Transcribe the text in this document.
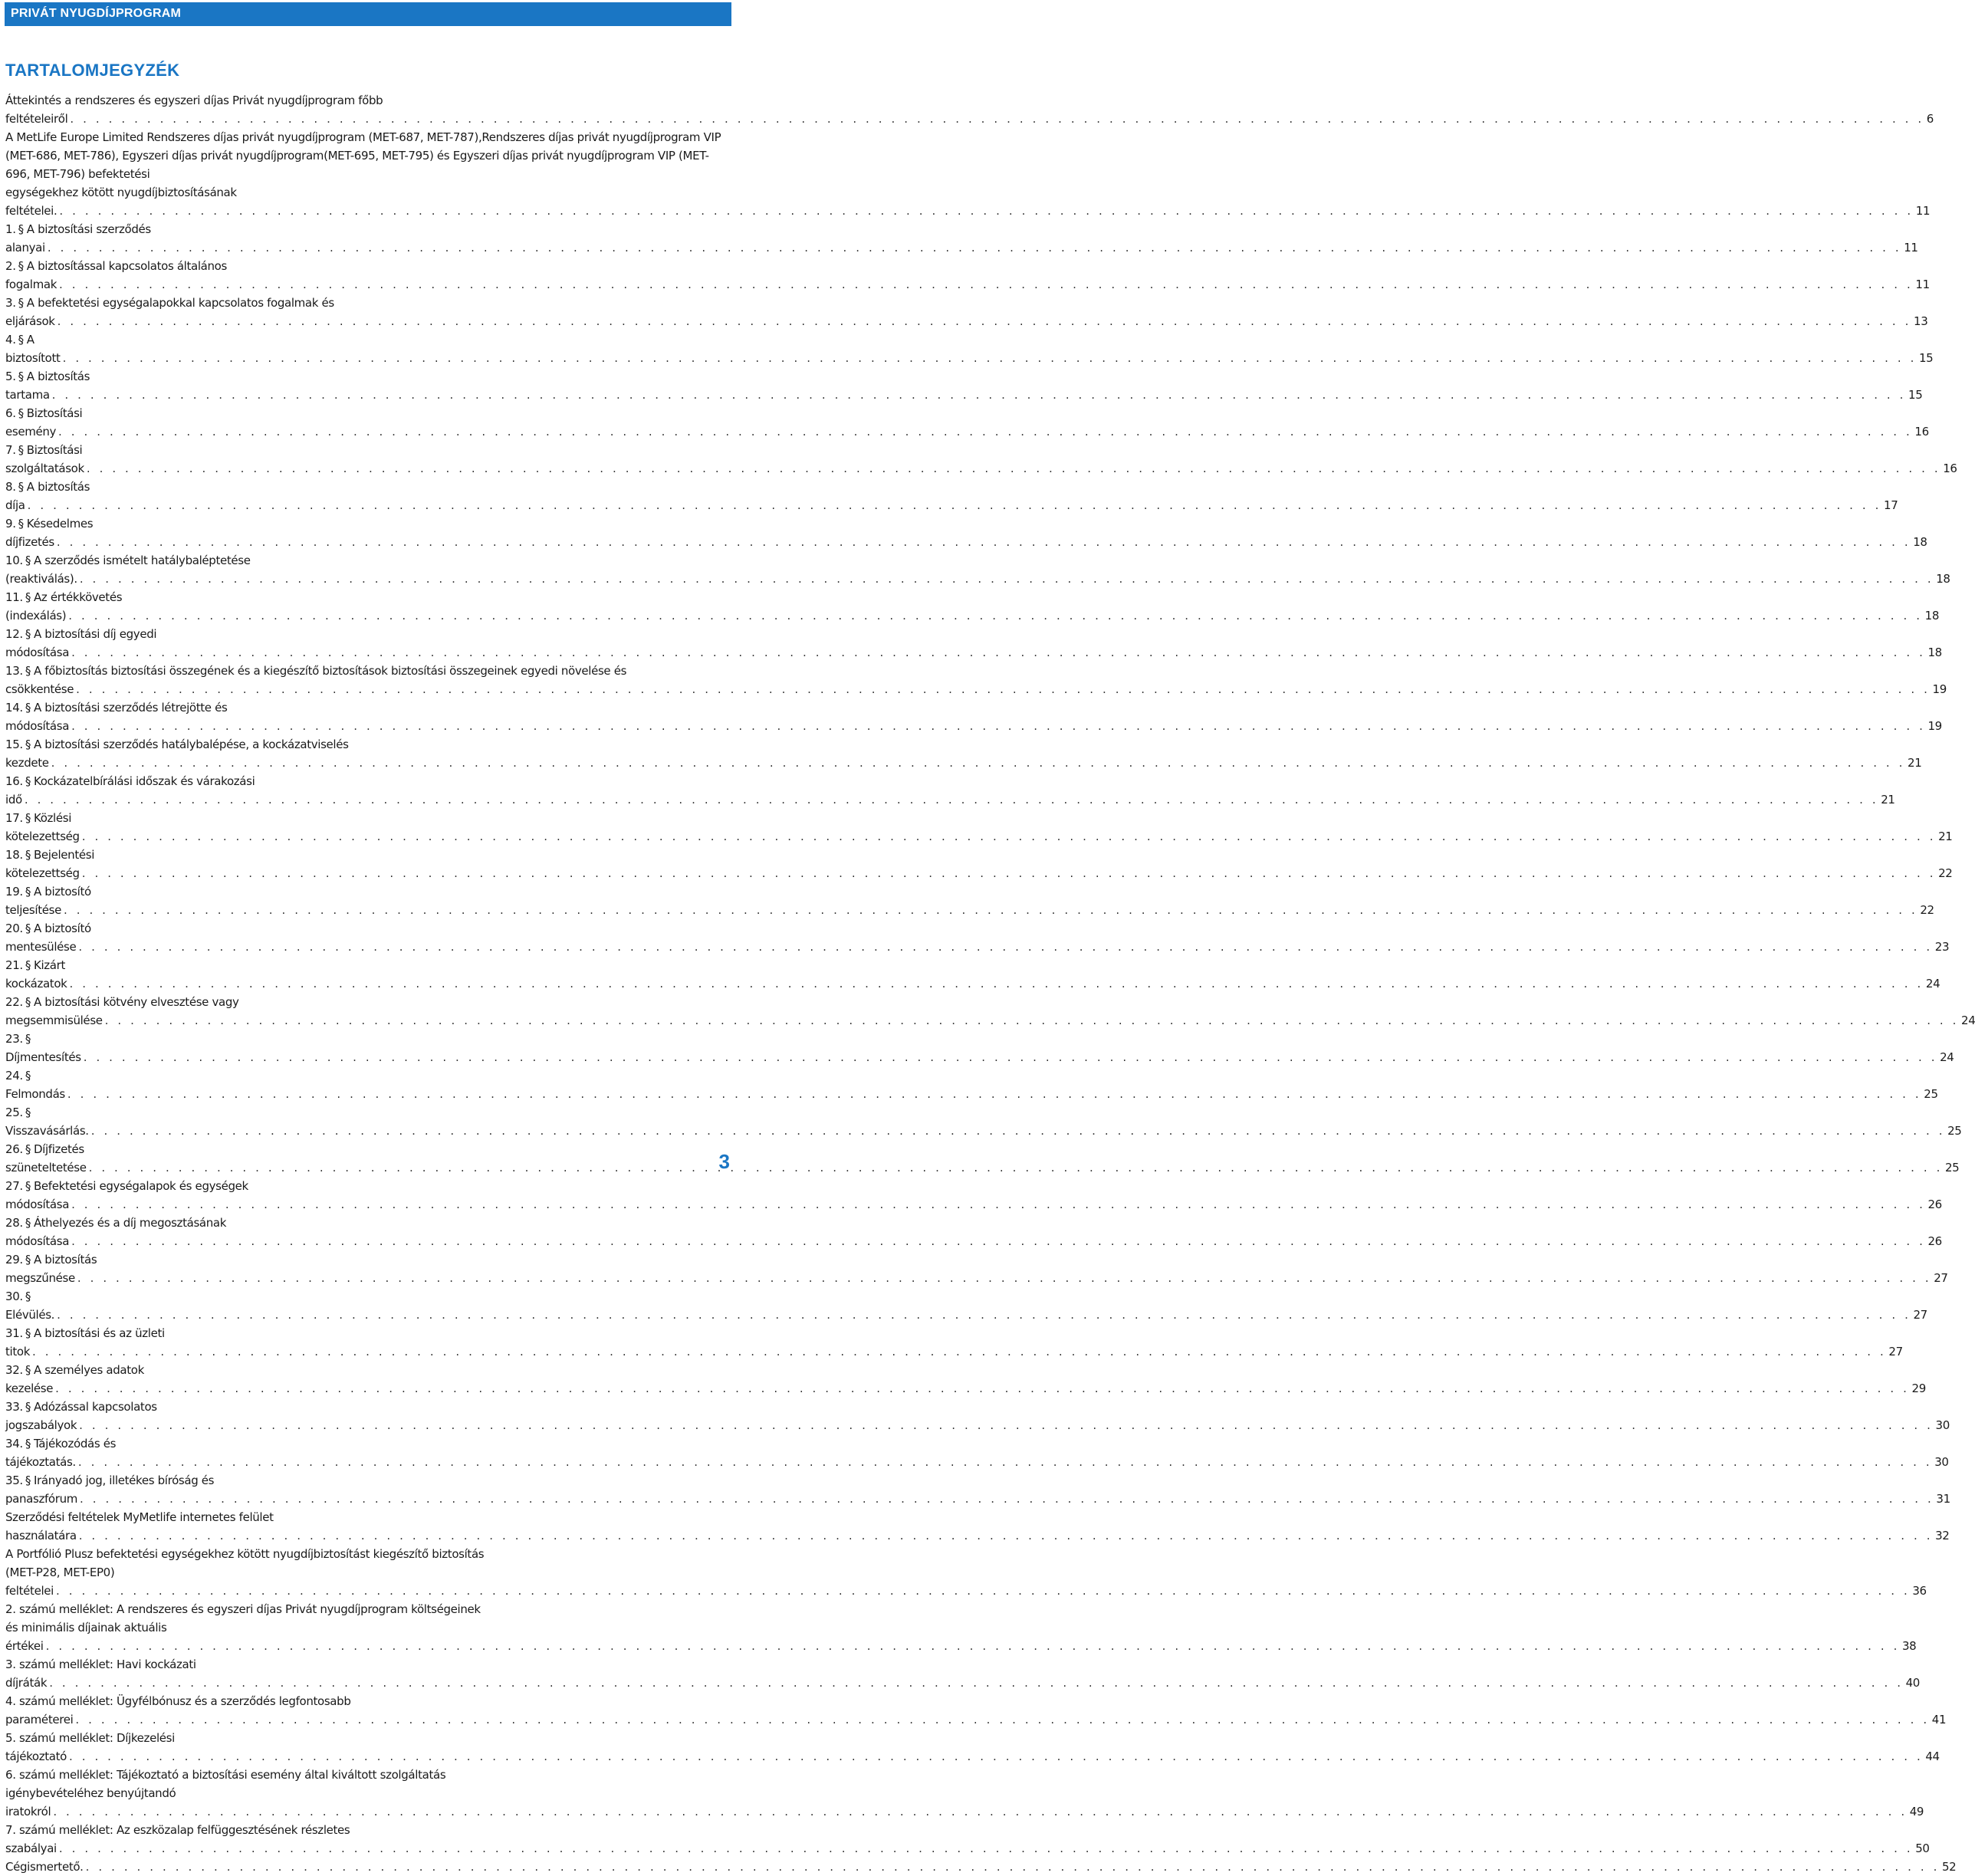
PRIVÁT NYUGDÍJPROGRAM
TARTALOMJEGYZÉK
Áttekintés a rendszeres és egyszeri díjas Privát nyugdíjprogram főbb feltételeiről . . .	6
A MetLife Europe Limited Rendszeres díjas privát nyugdíjprogram (MET-687, MET-787),Rendszeres díjas privát nyugdíjprogram VIP (MET-686, MET-786), Egyszeri díjas privát nyugdíjprogram(MET-695, MET-795) és Egyszeri díjas privát nyugdíjprogram VIP (MET-696, MET-796) befektetési
egységekhez kötött nyugdíjbiztosításának feltételei. . . .	11
1. § A biztosítási szerződés alanyai . . .	11
2. § A biztosítással kapcsolatos általános fogalmak . . .	11
3. § A befektetési egységalapokkal kapcsolatos fogalmak és eljárások . . .	13
4. § A biztosított . . .	15
5. § A biztosítás tartama . . .	15
6. § Biztosítási esemény . . .	16
7. § Biztosítási szolgáltatások . . .	16
8. § A biztosítás díja . . .	17
9. § Késedelmes díjfizetés . . .	18
10. § A szerződés ismételt hatálybaléptetése (reaktiválás). . . .	18
11. § Az értékkövetés (indexálás) . . .	18
12. § A biztosítási díj egyedi módosítása . . .	18
13. § A főbiztosítás biztosítási összegének és a kiegészítő biztosítások biztosítási összegeinek egyedi növelése és
csökkentése . . .	19
14. § A biztosítási szerződés létrejötte és módosítása . . .	19
15. § A biztosítási szerződés hatálybalépése, a kockázatviselés kezdete . . .	21
16. § Kockázatelbírálási időszak és várakozási idő . . .	21
17. § Közlési kötelezettség . . .	21
18. § Bejelentési kötelezettség . . .	22
19. § A biztosító teljesítése . . .	22
20. § A biztosító mentesülése . . .	23
21. § Kizárt kockázatok . . .	24
22. § A biztosítási kötvény elvesztése vagy megsemmisülése . . .	24
23. §Díjmentesítés . . .	24
24. §Felmondás . . .	25
25. §Visszavásárlás. . . .	25
26. § Díjfizetés szüneteltetése . . .	25
27. § Befektetési egységalapok és egységek módosítása . . .	26
28. § Áthelyezés és a díj megosztásának módosítása . . .	26
29. § A biztosítás megszűnése . . .	27
30. §Elévülés. . . .	27
31. § A biztosítási és az üzleti titok . . .	27
32. § A személyes adatok kezelése . . .	29
33. § Adózással kapcsolatos jogszabályok . . .	30
34. § Tájékozódás és tájékoztatás. . . .	30
35. § Irányadó jog, illetékes bíróság és panaszfórum . . .	31
Szerződési feltételek MyMetlife internetes felület használatára . . .	32
A Portfólió Plusz befektetési egységekhez kötött nyugdíjbiztosítást kiegészítő biztosítás
(MET-P28, MET-EP0) feltételei . . .	36
2. számú melléklet: A rendszeres és egyszeri díjas Privát nyugdíjprogram költségeinek
és minimális díjainak aktuális értékei . . .	38
3. számú melléklet: Havi kockázati díjráták . . .	40
4. számú melléklet: Ügyfélbónusz és a szerződés legfontosabb paraméterei . . .	41
5. számú melléklet: Díjkezelési tájékoztató . . .	44
6. számú melléklet: Tájékoztató a biztosítási esemény által kiváltott szolgáltatás
igénybevételéhez benyújtandó iratokról . . .	49
7. számú melléklet: Az eszközalap felfüggesztésének részletes szabályai . . .	50
Cégismertető. . . .	52
3
